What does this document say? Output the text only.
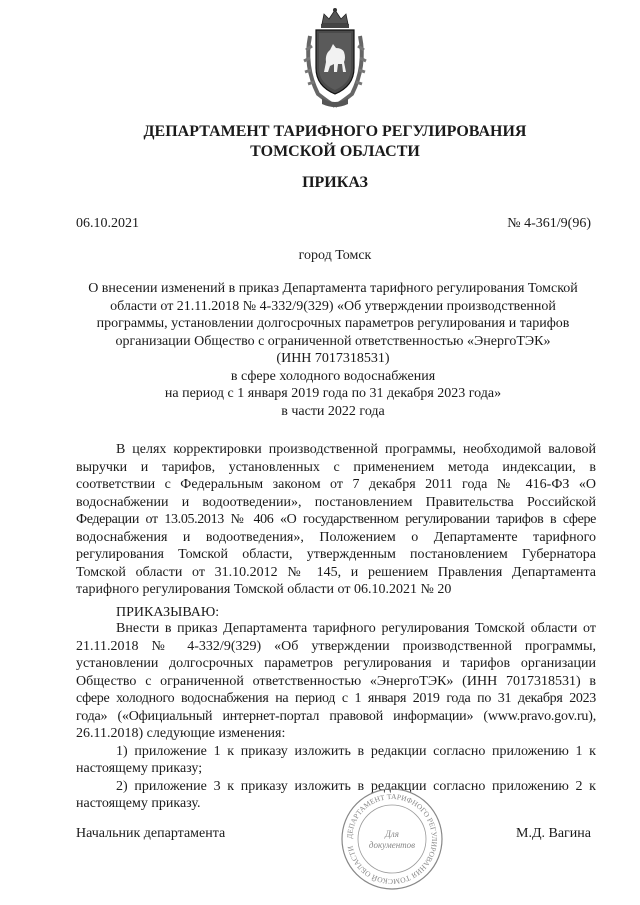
ДЕПАРТАМЕНТ ТАРИФНОГО РЕГУЛИРОВАНИЯ
ТОМСКОЙ ОБЛАСТИ
ПРИКАЗ
06.10.2021	№ 4-361/9(96)
город Томск
О внесении изменений в приказ Департамента тарифного регулирования Томской
области от 21.11.2018 № 4-332/9(329) «Об утверждении производственной
программы, установлении долгосрочных параметров регулирования и тарифов
организации Общество с ограниченной ответственностью «ЭнергоТЭК»
(ИНН 7017318531)
в сфере холодного водоснабжения
на период с 1 января 2019 года по 31 декабря 2023 года»
в части 2022 года
В целях корректировки производственной программы, необходимой валовой
выручки и тарифов, установленных с применением метода индексации, в
соответствии с Федеральным законом от 7 декабря 2011 года № 416-ФЗ «О
водоснабжении и водоотведении», постановлением Правительства Российской
Федерации от 13.05.2013 № 406 «О государственном регулировании тарифов в сфере
водоснабжения и водоотведения», Положением о Департаменте тарифного
регулирования Томской области, утвержденным постановлением Губернатора
Томской области от 31.10.2012 № 145, и решением Правления Департамента
тарифного регулирования Томской области от 06.10.2021 № 20
ПРИКАЗЫВАЮ:
Внести в приказ Департамента тарифного регулирования Томской области от
21.11.2018 № 4-332/9(329) «Об утверждении производственной программы,
установлении долгосрочных параметров регулирования и тарифов организации
Общество с ограниченной ответственностью «ЭнергоТЭК» (ИНН 7017318531) в
сфере холодного водоснабжения на период с 1 января 2019 года по 31 декабря 2023
года» («Официальный интернет-портал правовой информации» (www.pravo.gov.ru),
26.11.2018) следующие изменения:
1) приложение 1 к приказу изложить в редакции согласно приложению 1 к
настоящему приказу;
2) приложение 3 к приказу изложить в редакции согласно приложению 2 к
настоящему приказу.
Начальник департамента	М.Д. Вагина
ДЕПАРТАМЕНТ ТАРИФНОГО РЕГУЛИРОВАНИЯ ТОМСКОЙ ОБЛАСТИ
Для
документов
